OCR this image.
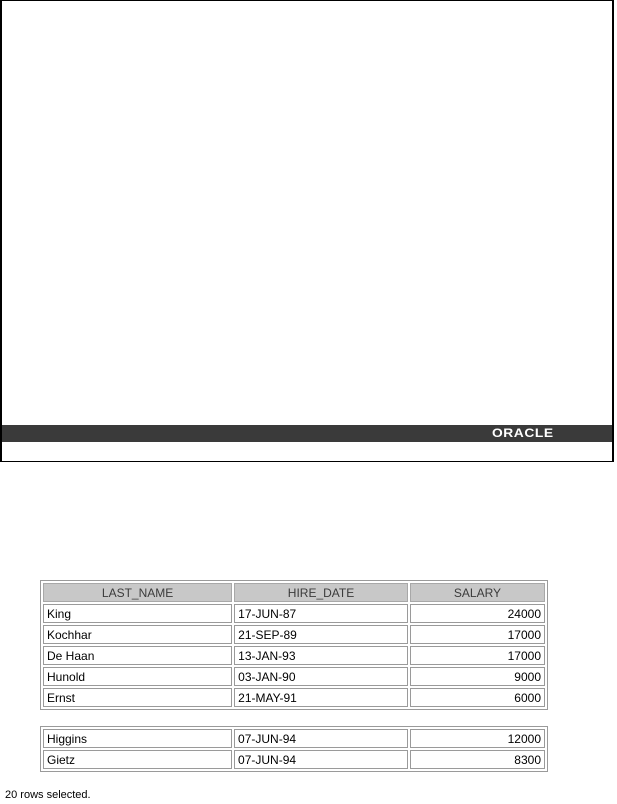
ORACLE
LAST_NAME	HIRE_DATE	SALARY
King	17-JUN-87	24000
Kochhar	21-SEP-89	17000
De Haan	13-JAN-93	17000
Hunold	03-JAN-90	9000
Ernst	21-MAY-91	6000
Higgins	07-JUN-94	12000
Gietz	07-JUN-94	8300
20 rows selected.
